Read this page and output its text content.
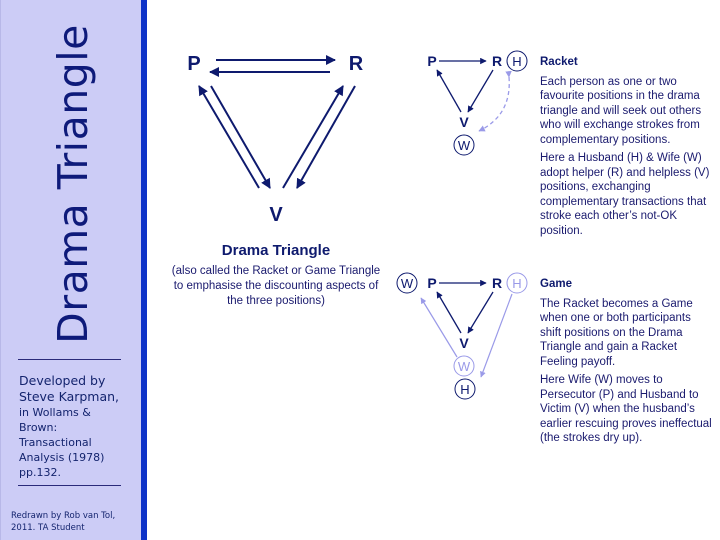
Drama Triangle
Developed by
Steve Karpman,
in Wollams &
Brown:
Transactional
Analysis (1978)
pp.132.
Redrawn by Rob van Tol,
2011. TA Student
P	R
V
P	R
V
H
W
P	R
V
W	H
W
H
Drama Triangle
(also called the Racket or Game Triangle to emphasise the discounting aspects of the three positions)
Racket

Each person as one or two favourite positions in the drama triangle and will seek out others who will exchange strokes from complementary positions.

Here a Husband (H) & Wife (W) adopt helper (R) and helpless (V) positions, exchanging complementary transactions that stroke each other’s not-OK position.

Game

The Racket becomes a Game when one or both participants shift positions on the Drama Triangle and gain a Racket Feeling payoff.

Here Wife (W) moves to Persecutor (P) and Husband to Victim (V) when the husband’s earlier rescuing proves ineffectual (the strokes dry up).
